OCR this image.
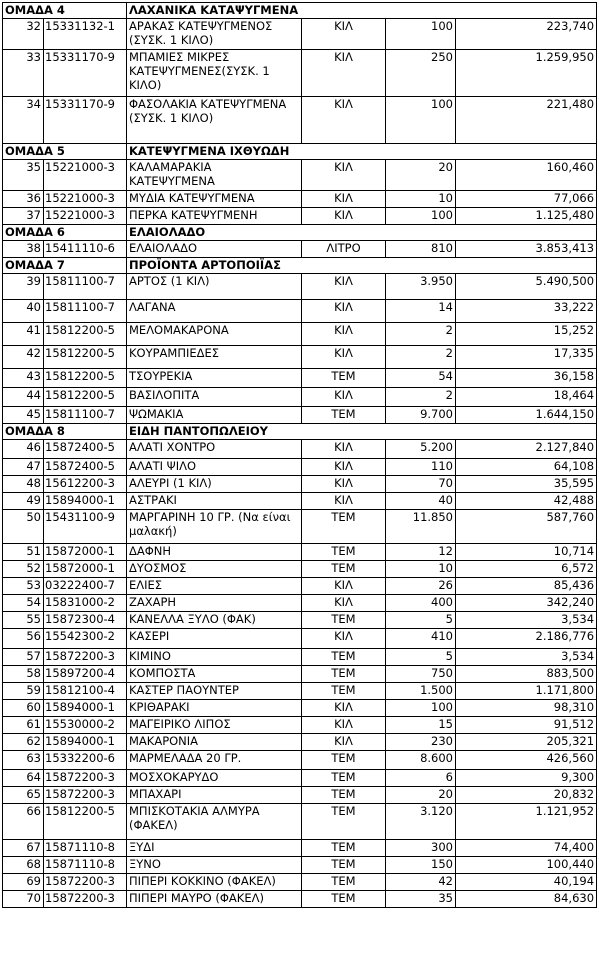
ΟΜΑΔΑ 4		ΛΑΧΑΝΙΚΑ ΚΑΤΑΨΥΓΜΕΝΑ			
32	15331132-1	ΑΡΑΚΑΣ ΚΑΤΕΨΥΓΜΕΝΟΣ (ΣΥΣΚ. 1 ΚΙΛΟ)	ΚΙΛ	100	223,740
33	15331170-9	ΜΠΑΜΙΕΣ ΜΙΚΡΕΣ ΚΑΤΕΨΥΓΜΕΝΕΣ(ΣΥΣΚ. 1 ΚΙΛΟ)	ΚΙΛ	250	1.259,950
34	15331170-9	ΦΑΣΟΛΑΚΙΑ ΚΑΤΕΨΥΓΜΕΝΑ (ΣΥΣΚ. 1 ΚΙΛΟ)	ΚΙΛ	100	221,480
ΟΜΑΔΑ 5		ΚΑΤΕΨΥΓΜΕΝΑ ΙΧΘΥΩΔΗ			
35	15221000-3	ΚΑΛΑΜΑΡΑΚΙΑ ΚΑΤΕΨΥΓΜΕΝΑ	ΚΙΛ	20	160,460
36	15221000-3	ΜΥΔΙΑ ΚΑΤΕΨΥΓΜΕΝΑ	ΚΙΛ	10	77,066
37	15221000-3	ΠΕΡΚΑ ΚΑΤΕΨΥΓΜΕΝΗ	ΚΙΛ	100	1.125,480
ΟΜΑΔΑ 6		ΕΛΑΙΟΛΑΔΟ			
38	15411110-6	ΕΛΑΙΟΛΑΔΟ	ΛΙΤΡΟ	810	3.853,413
ΟΜΑΔΑ 7		ΠΡΟΪΟΝΤΑ ΑΡΤΟΠΟΙΪΑΣ			
39	15811100-7	ΑΡΤΟΣ (1 ΚΙΛ)	ΚΙΛ	3.950	5.490,500
40	15811100-7	ΛΑΓΑΝΑ	ΚΙΛ	14	33,222
41	15812200-5	ΜΕΛΟΜΑΚΑΡΟΝΑ	ΚΙΛ	2	15,252
42	15812200-5	ΚΟΥΡΑΜΠΙΕΔΕΣ	ΚΙΛ	2	17,335
43	15812200-5	ΤΣΟΥΡΕΚΙΑ	ΤΕΜ	54	36,158
44	15812200-5	ΒΑΣΙΛΟΠΙΤΑ	ΚΙΛ	2	18,464
45	15811100-7	ΨΩΜΑΚΙΑ	ΤΕΜ	9.700	1.644,150
ΟΜΑΔΑ 8		ΕΙΔΗ ΠΑΝΤΟΠΩΛΕΙΟΥ			
46	15872400-5	ΑΛΑΤΙ ΧΟΝΤΡΟ	ΚΙΛ	5.200	2.127,840
47	15872400-5	ΑΛΑΤΙ ΨΙΛΟ	ΚΙΛ	110	64,108
48	15612200-3	ΑΛΕΥΡΙ (1 ΚΙΛ)	ΚΙΛ	70	35,595
49	15894000-1	ΑΣΤΡΑΚΙ	ΚΙΛ	40	42,488
50	15431100-9	ΜΑΡΓΑΡΙΝΗ 10 ΓΡ. (Να είναι μαλακή)	ΤΕΜ	11.850	587,760
51	15872000-1	ΔΑΦΝΗ	ΤΕΜ	12	10,714
52	15872000-1	ΔΥΟΣΜΟΣ	ΤΕΜ	10	6,572
53	03222400-7	ΕΛΙΕΣ	ΚΙΛ	26	85,436
54	15831000-2	ΖΑΧΑΡΗ	ΚΙΛ	400	342,240
55	15872300-4	ΚΑΝΕΛΛΑ ΞΥΛΟ (ΦΑΚ)	ΤΕΜ	5	3,534
56	15542300-2	ΚΑΣΕΡΙ	ΚΙΛ	410	2.186,776
57	15872200-3	ΚΙΜΙΝΟ	ΤΕΜ	5	3,534
58	15897200-4	ΚΟΜΠΟΣΤΑ	ΤΕΜ	750	883,500
59	15812100-4	ΚΑΣΤΕΡ ΠΑΟΥΝΤΕΡ	ΤΕΜ	1.500	1.171,800
60	15894000-1	ΚΡΙΘΑΡΑΚΙ	ΚΙΛ	100	98,310
61	15530000-2	ΜΑΓΕΙΡΙΚΟ ΛΙΠΟΣ	ΚΙΛ	15	91,512
62	15894000-1	ΜΑΚΑΡΟΝΙΑ	ΚΙΛ	230	205,321
63	15332200-6	ΜΑΡΜΕΛΑΔΑ 20 ΓΡ.	ΤΕΜ	8.600	426,560
64	15872200-3	ΜΟΣΧΟΚΑΡΥΔΟ	ΤΕΜ	6	9,300
65	15872200-3	ΜΠΑΧΑΡΙ	ΤΕΜ	20	20,832
66	15812200-5	ΜΠΙΣΚΟΤΑΚΙΑ ΑΛΜΥΡΑ (ΦΑΚΕΛ)	ΤΕΜ	3.120	1.121,952
67	15871110-8	ΞΥΔΙ	ΤΕΜ	300	74,400
68	15871110-8	ΞΥΝΟ	ΤΕΜ	150	100,440
69	15872200-3	ΠΙΠΕΡΙ ΚΟΚΚΙΝΟ (ΦΑΚΕΛ)	ΤΕΜ	42	40,194
70	15872200-3	ΠΙΠΕΡΙ ΜΑΥΡΟ (ΦΑΚΕΛ)	ΤΕΜ	35	84,630
